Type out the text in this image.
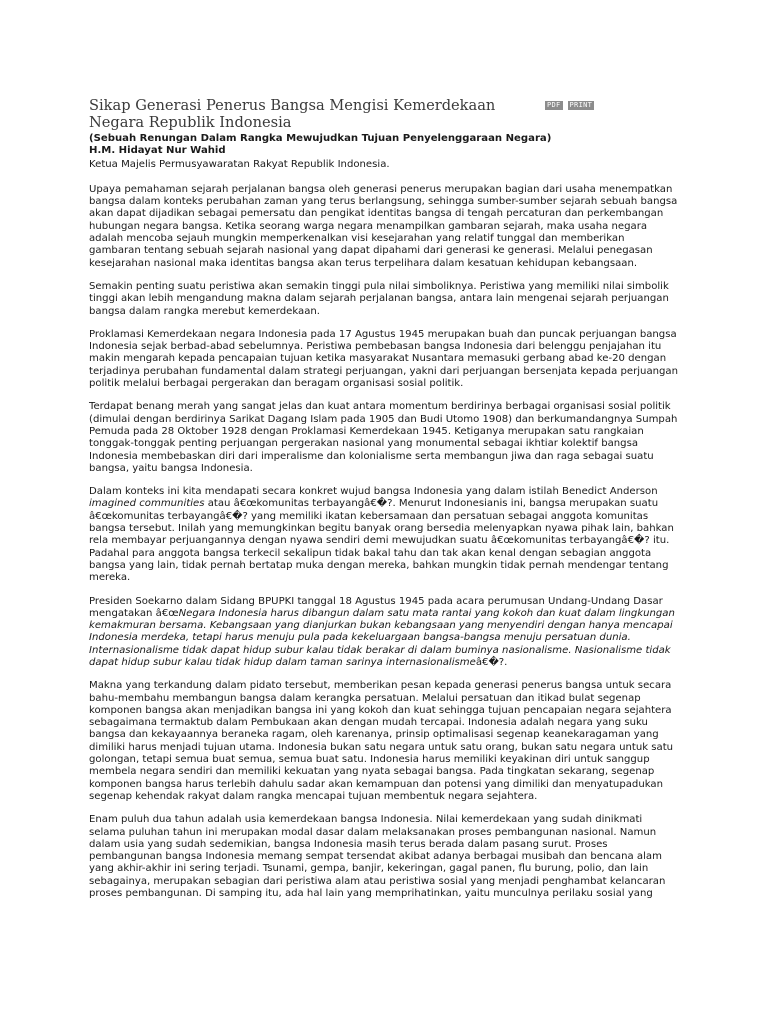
Sikap Generasi Penerus Bangsa Mengisi Kemerdekaan Negara Republik Indonesia
PDF PRINT
(Sebuah Renungan Dalam Rangka Mewujudkan Tujuan Penyelenggaraan Negara)
H.M. Hidayat Nur Wahid
Ketua Majelis Permusyawaratan Rakyat Republik Indonesia.

Upaya pemahaman sejarah perjalanan bangsa oleh generasi penerus merupakan bagian dari usaha menempatkan bangsa dalam konteks perubahan zaman yang terus berlangsung, sehingga sumber-sumber sejarah sebuah bangsa akan dapat dijadikan sebagai pemersatu dan pengikat identitas bangsa di tengah percaturan dan perkembangan hubungan negara bangsa. Ketika seorang warga negara menampilkan gambaran sejarah, maka usaha negara adalah mencoba sejauh mungkin memperkenalkan visi kesejarahan yang relatif tunggal dan memberikan gambaran tentang sebuah sejarah nasional yang dapat dipahami dari generasi ke generasi. Melalui penegasan kesejarahan nasional maka identitas bangsa akan terus terpelihara dalam kesatuan kehidupan kebangsaan.

Semakin penting suatu peristiwa akan semakin tinggi pula nilai simboliknya. Peristiwa yang memiliki nilai simbolik tinggi akan lebih mengandung makna dalam sejarah perjalanan bangsa, antara lain mengenai sejarah perjuangan bangsa dalam rangka merebut kemerdekaan.

Proklamasi Kemerdekaan negara Indonesia pada 17 Agustus 1945 merupakan buah dan puncak perjuangan bangsa Indonesia sejak berbad-abad sebelumnya. Peristiwa pembebasan bangsa Indonesia dari belenggu penjajahan itu makin mengarah kepada pencapaian tujuan ketika masyarakat Nusantara memasuki gerbang abad ke-20 dengan terjadinya perubahan fundamental dalam strategi perjuangan, yakni dari perjuangan bersenjata kepada perjuangan politik melalui berbagai pergerakan dan beragam organisasi sosial politik.

Terdapat benang merah yang sangat jelas dan kuat antara momentum berdirinya berbagai organisasi sosial politik (dimulai dengan berdirinya Sarikat Dagang Islam pada 1905 dan Budi Utomo 1908) dan berkumandangnya Sumpah Pemuda pada 28 Oktober 1928 dengan Proklamasi Kemerdekaan 1945. Ketiganya merupakan satu rangkaian tonggak-tonggak penting perjuangan pergerakan nasional yang monumental sebagai ikhtiar kolektif bangsa Indonesia membebaskan diri dari imperalisme dan kolonialisme serta membangun jiwa dan raga sebagai suatu bangsa, yaitu bangsa Indonesia.

Dalam konteks ini kita mendapati secara konkret wujud bangsa Indonesia yang dalam istilah Benedict Anderson imagined communities atau â€œkomunitas terbayangâ€�?. Menurut Indonesianis ini, bangsa merupakan suatu â€œkomunitas terbayangâ€�? yang memiliki ikatan kebersamaan dan persatuan sebagai anggota komunitas bangsa tersebut. Inilah yang memungkinkan begitu banyak orang bersedia melenyapkan nyawa pihak lain, bahkan rela membayar perjuangannya dengan nyawa sendiri demi mewujudkan suatu â€œkomunitas terbayangâ€�? itu. Padahal para anggota bangsa terkecil sekalipun tidak bakal tahu dan tak akan kenal dengan sebagian anggota bangsa yang lain, tidak pernah bertatap muka dengan mereka, bahkan mungkin tidak pernah mendengar tentang mereka.

Presiden Soekarno dalam Sidang BPUPKI tanggal 18 Agustus 1945 pada acara perumusan Undang-Undang Dasar mengatakan â€œNegara Indonesia harus dibangun dalam satu mata rantai yang kokoh dan kuat dalam lingkungan kemakmuran bersama. Kebangsaan yang dianjurkan bukan kebangsaan yang menyendiri dengan hanya mencapai Indonesia merdeka, tetapi harus menuju pula pada kekeluargaan bangsa-bangsa menuju persatuan dunia. Internasionalisme tidak dapat hidup subur kalau tidak berakar di dalam buminya nasionalisme. Nasionalisme tidak dapat hidup subur kalau tidak hidup dalam taman sarinya internasionalismeâ€�?.

Makna yang terkandung dalam pidato tersebut, memberikan pesan kepada generasi penerus bangsa untuk secara bahu-membahu membangun bangsa dalam kerangka persatuan. Melalui persatuan dan itikad bulat segenap komponen bangsa akan menjadikan bangsa ini yang kokoh dan kuat sehingga tujuan pencapaian negara sejahtera sebagaimana termaktub dalam Pembukaan akan dengan mudah tercapai. Indonesia adalah negara yang suku bangsa dan kekayaannya beraneka ragam, oleh karenanya, prinsip optimalisasi segenap keanekaragaman yang dimiliki harus menjadi tujuan utama. Indonesia bukan satu negara untuk satu orang, bukan satu negara untuk satu golongan, tetapi semua buat semua, semua buat satu. Indonesia harus memiliki keyakinan diri untuk sanggup membela negara sendiri dan memiliki kekuatan yang nyata sebagai bangsa. Pada tingkatan sekarang, segenap komponen bangsa harus terlebih dahulu sadar akan kemampuan dan potensi yang dimiliki dan menyatupadukan segenap kehendak rakyat dalam rangka mencapai tujuan membentuk negara sejahtera.

Enam puluh dua tahun adalah usia kemerdekaan bangsa Indonesia. Nilai kemerdekaan yang sudah dinikmati selama puluhan tahun ini merupakan modal dasar dalam melaksanakan proses pembangunan nasional. Namun dalam usia yang sudah sedemikian, bangsa Indonesia masih terus berada dalam pasang surut. Proses pembangunan bangsa Indonesia memang sempat tersendat akibat adanya berbagai musibah dan bencana alam yang akhir-akhir ini sering terjadi. Tsunami, gempa, banjir, kekeringan, gagal panen, flu burung, polio, dan lain sebagainya, merupakan sebagian dari peristiwa alam atau peristiwa sosial yang menjadi penghambat kelancaran proses pembangunan. Di samping itu, ada hal lain yang memprihatinkan, yaitu munculnya perilaku sosial yang
